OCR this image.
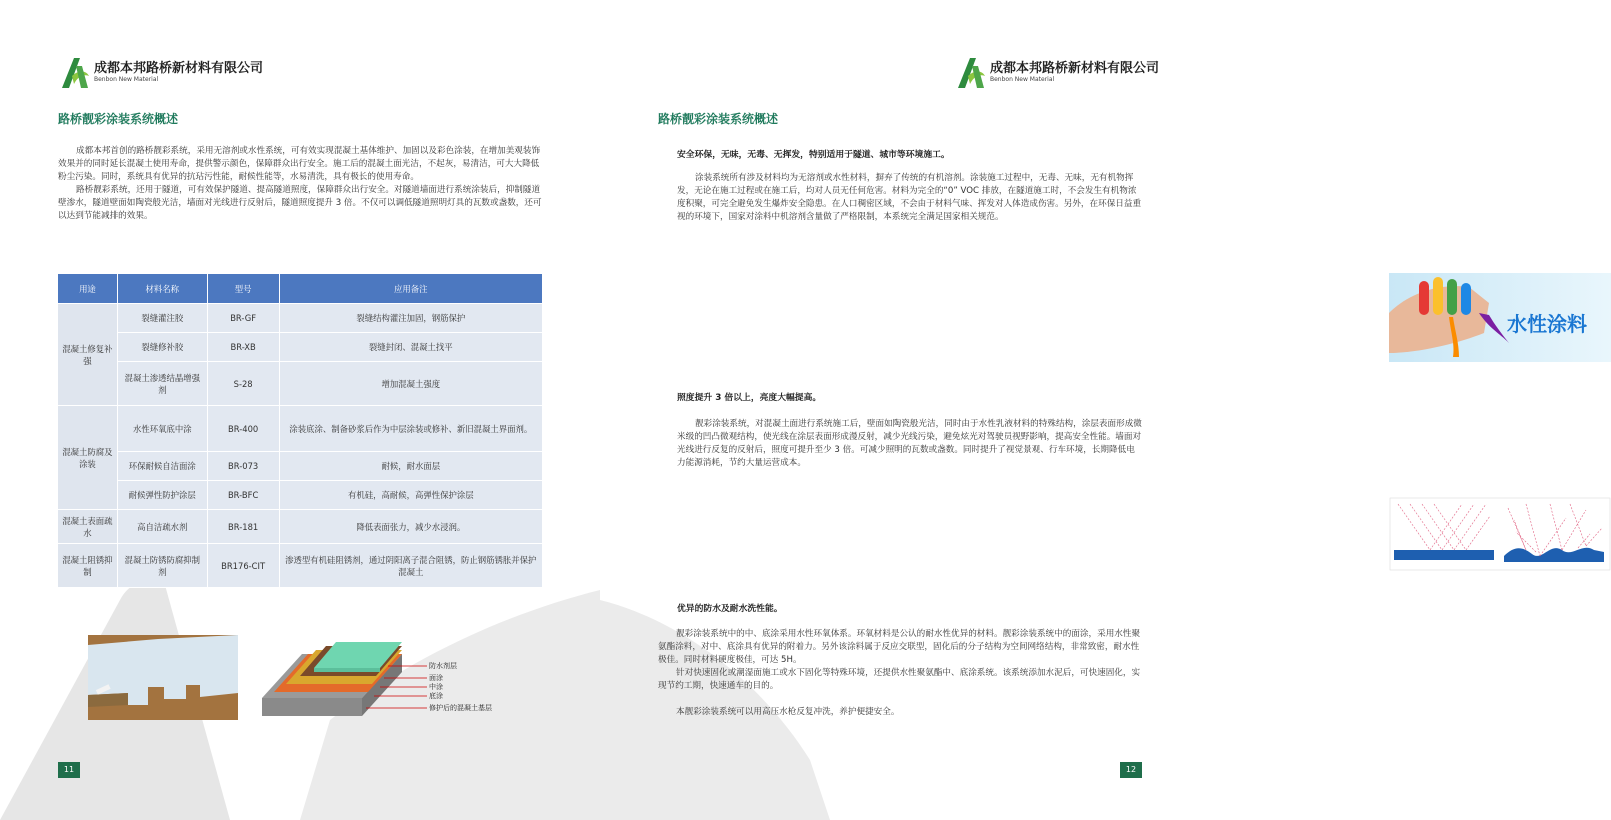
成都本邦路桥新材料有限公司
Benbon New Material
路桥靓彩涂装系统概述

成都本邦首创的路桥靓彩系统，采用无溶剂或水性系统，可有效实现混凝土基体维护、加固以及彩色涂装，在增加美观装饰效果并的同时延长混凝土使用寿命，提供警示颜色，保障群众出行安全。施工后的混凝土面光洁，不起灰，易清洁，可大大降低粉尘污染。同时，系统具有优异的抗玷污性能，耐候性能等，水易清洗，具有极长的使用寿命。

路桥靓彩系统，还用于隧道，可有效保护隧道、提高隧道照度，保障群众出行安全。对隧道墙面进行系统涂装后，抑制隧道壁渗水，隧道壁面如陶瓷般光洁，墙面对光线进行反射后，隧道照度提升 3 倍。不仅可以调低隧道照明灯具的瓦数或盏数，还可以达到节能减排的效果。

用途	材料名称	型号	应用备注
混凝土修复补强	裂缝灌注胶	BR-GF	裂缝结构灌注加固，钢筋保护
	裂缝修补胶	BR-XB	裂缝封闭、混凝土找平
	混凝土渗透结晶增强剂	S-28	增加混凝土强度
混凝土防腐及涂装	水性环氧底中涂	BR-400	涂装底涂、制备砂浆后作为中层涂装或修补、新旧混凝土界面剂。
	环保耐候自洁面涂	BR-073	耐候，耐水面层
	耐候弹性防护涂层	BR-BFC	有机硅，高耐候，高弹性保护涂层
混凝土表面疏水	高自洁疏水剂	BR-181	降低表面张力，减少水浸润。
混凝土阻锈抑制	混凝土防锈防腐抑制剂	BR176-CIT	渗透型有机硅阻锈剂，通过阴阳离子混合阻锈，防止钢筋锈胀并保护混凝土
防水剂层
面涂
中涂
底涂
修护后的混凝土基层
11
成都本邦路桥新材料有限公司
Benbon New Material
路桥靓彩涂装系统概述
安全环保，无味，无毒、无挥发，特别适用于隧道、城市等环境施工。

涂装系统所有涉及材料均为无溶剂或水性材料，摒弃了传统的有机溶剂。涂装施工过程中，无毒、无味，无有机物挥发，无论在施工过程或在施工后，均对人员无任何危害。材料为完全的“0” VOC 排放，在隧道施工时，不会发生有机物浓度积聚，可完全避免发生爆炸安全隐患。在人口稠密区域，不会由于材料气味、挥发对人体造成伤害。另外，在环保日益重视的环境下，国家对涂料中机溶剂含量做了严格限制，本系统完全满足国家相关规范。

水性涂料
照度提升 3 倍以上，亮度大幅提高。

靓彩涂装系统，对混凝土面进行系统施工后，壁面如陶瓷般光洁，同时由于水性乳液材料的特殊结构，涂层表面形成微米级的凹凸微观结构，使光线在涂层表面形成漫反射，减少光线污染，避免炫光对驾驶员视野影响，提高安全性能。墙面对光线进行反复的反射后，照度可提升至少 3 倍。可减少照明的瓦数或盏数。同时提升了视觉景观、行车环境，长期降低电力能源消耗，节约大量运营成本。

优异的防水及耐水洗性能。

靓彩涂装系统中的中、底涂采用水性环氧体系。环氧材料是公认的耐水性优异的材料。靓彩涂装系统中的面涂，采用水性聚氨酯涂料，对中、底涂具有优异的附着力。另外该涂料属于反应交联型，固化后的分子结构为空间网络结构，非常致密，耐水性极佳。同时材料硬度极佳，可达 5H。

针对快速固化或潮湿面施工或水下固化等特殊环境，还提供水性聚氨酯中、底涂系统。该系统添加水泥后，可快速固化，实现节约工期，快速通车的目的。

本靓彩涂装系统可以用高压水枪反复冲洗，养护便捷安全。

12
